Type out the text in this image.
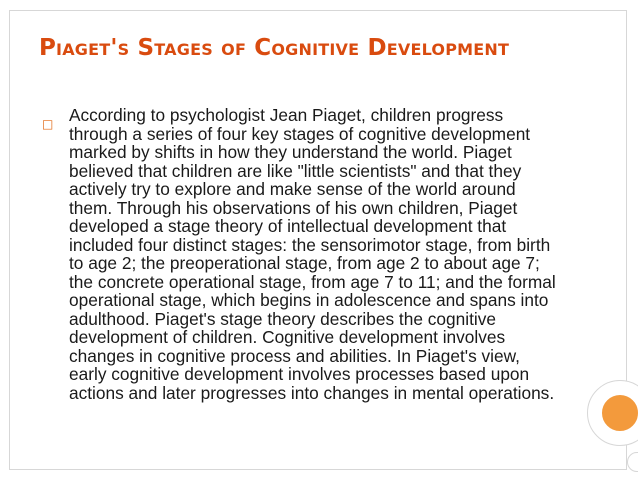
Piaget's Stages of Cognitive Development
□ According to psychologist Jean Piaget, children progress through a series of four key stages of cognitive development marked by shifts in how they understand the world. Piaget believed that children are like "little scientists" and that they actively try to explore and make sense of the world around them. Through his observations of his own children, Piaget developed a stage theory of intellectual development that included four distinct stages: the sensorimotor stage, from birth to age 2; the preoperational stage, from age 2 to about age 7; the concrete operational stage, from age 7 to 11; and the formal operational stage, which begins in adolescence and spans into adulthood. Piaget's stage theory describes the cognitive development of children. Cognitive development involves changes in cognitive process and abilities. In Piaget's view, early cognitive development involves processes based upon actions and later progresses into changes in mental operations.
